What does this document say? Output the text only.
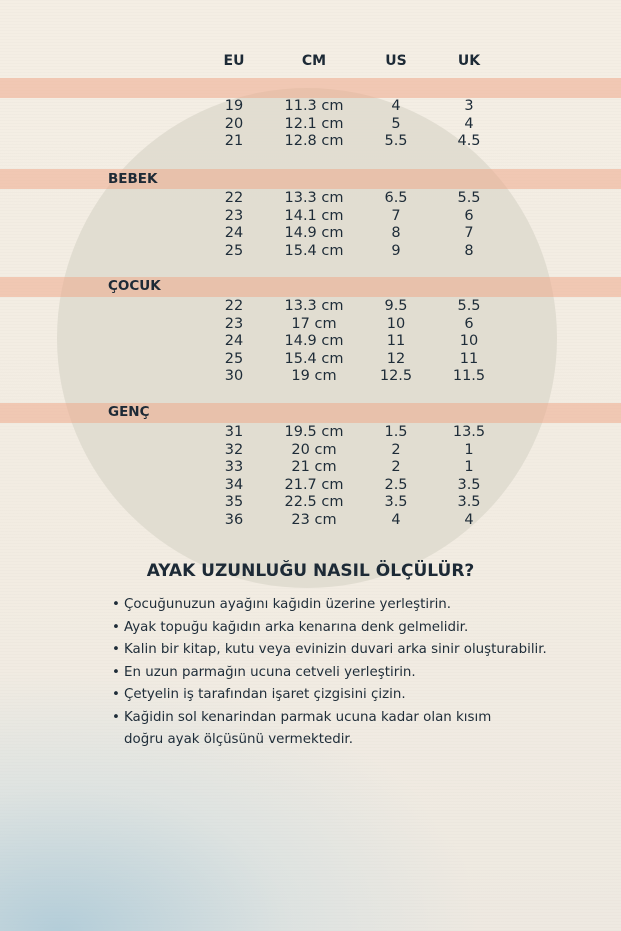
EU	CM	US	UK
19	11.3 cm	4	3
20	12.1 cm	5	4
21	12.8 cm	5.5	4.5
BEBEK
22	13.3 cm	6.5	5.5
23	14.1 cm	7	6
24	14.9 cm	8	7
25	15.4 cm	9	8
ÇOCUK
22	13.3 cm	9.5	5.5
23	17 cm	10	6
24	14.9 cm	11	10
25	15.4 cm	12	11
30	19 cm	12.5	11.5
GENÇ
31	19.5 cm	1.5	13.5
32	20 cm	2	1
33	21 cm	2	1
34	21.7 cm	2.5	3.5
35	22.5 cm	3.5	3.5
36	23 cm	4	4
AYAK UZUNLUĞU NASIL ÖLÇÜLÜR?
• Çocuğunuzun ayağını kağıdin üzerine yerleştirin.
• Ayak topuğu kağıdın arka kenarına denk gelmelidir.
• Kalin bir kitap, kutu veya evinizin duvari arka sinir oluşturabilir.
• En uzun parmağın ucuna cetveli yerleştirin.
• Çetyelin iş tarafından işaret çizgisini çizin.
• Kağidin sol kenarindan parmak ucuna kadar olan kısım
doğru ayak ölçüsünü vermektedir.
